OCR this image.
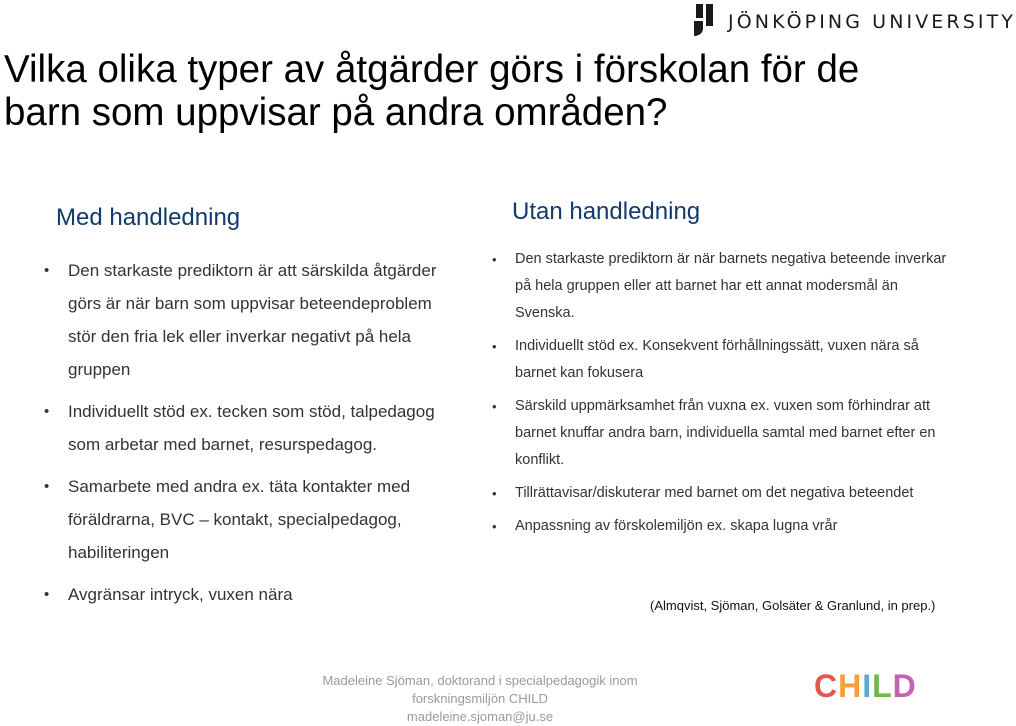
JÖNKÖPING UNIVERSITY
Vilka olika typer av åtgärder görs i förskolan för de barn som uppvisar på andra områden?
Med handledning
• Den starkaste prediktorn är att särskilda åtgärder görs är när barn som uppvisar beteendeproblem stör den fria lek eller inverkar negativt på hela gruppen
• Individuellt stöd ex. tecken som stöd, talpedagog som arbetar med barnet, resurspedagog.
• Samarbete med andra ex. täta kontakter med föräldrarna, BVC – kontakt, specialpedagog, habiliteringen
• Avgränsar intryck, vuxen nära
Utan handledning
• Den starkaste prediktorn är när barnets negativa beteende inverkar på hela gruppen eller att barnet har ett annat modersmål än Svenska.
• Individuellt stöd ex. Konsekvent förhållningssätt, vuxen nära så barnet kan fokusera
• Särskild uppmärksamhet från vuxna ex. vuxen som förhindrar att barnet knuffar andra barn, individuella samtal med barnet efter en konflikt.
• Tillrättavisar/diskuterar med barnet om det negativa beteendet
• Anpassning av förskolemiljön ex. skapa lugna vrår
(Almqvist, Sjöman, Golsäter & Granlund, in prep.)
Madeleine Sjöman, doktorand i specialpedagogik inom
forskningsmiljön CHILD
madeleine.sjoman@ju.se
CHILD
